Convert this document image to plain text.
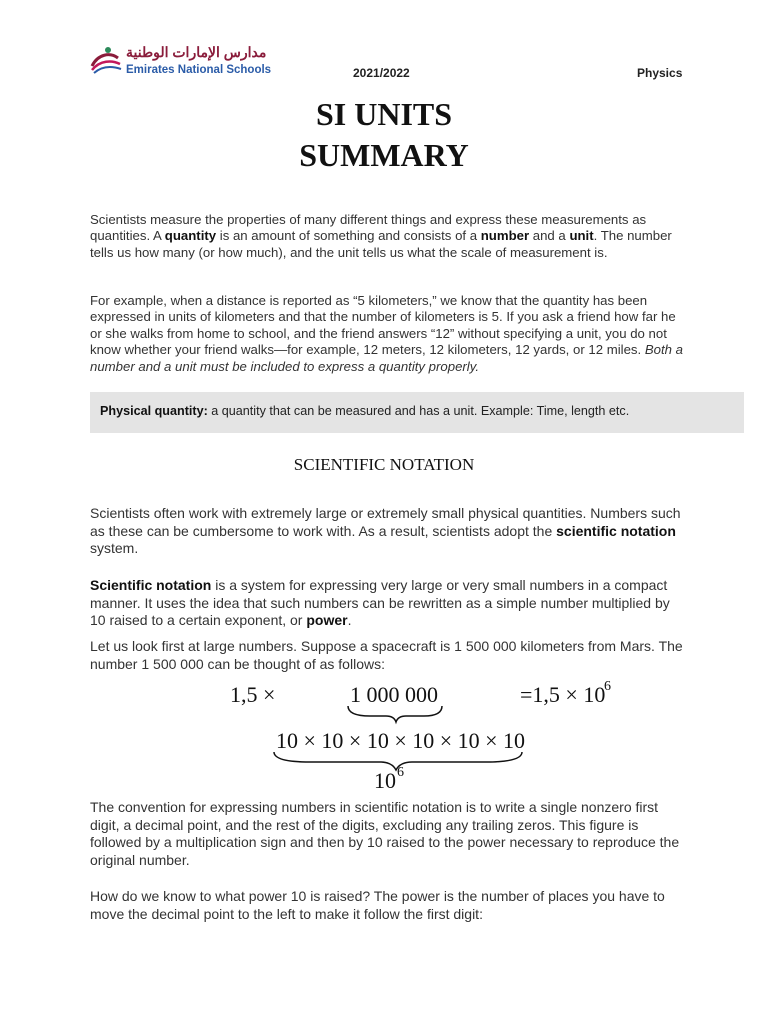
مدارس الإمارات الوطنية
Emirates National Schools	2021/2022	Physics
SI UNITS
SUMMARY

Scientists measure the properties of many different things and express these measurements as quantities. A quantity is an amount of something and consists of a number and a unit. The number tells us how many (or how much), and the unit tells us what the scale of measurement is.

For example, when a distance is reported as “5 kilometers,” we know that the quantity has been expressed in units of kilometers and that the number of kilometers is 5. If you ask a friend how far he or she walks from home to school, and the friend answers “12” without specifying a unit, you do not know whether your friend walks—for example, 12 meters, 12 kilometers, 12 yards, or 12 miles. Both a number and a unit must be included to express a quantity properly.

Physical quantity: a quantity that can be measured and has a unit. Example: Time, length etc.
SCIENTIFIC NOTATION

Scientists often work with extremely large or extremely small physical quantities. Numbers such as these can be cumbersome to work with. As a result, scientists adopt the scientific notation system.

Scientific notation is a system for expressing very large or very small numbers in a compact manner. It uses the idea that such numbers can be rewritten as a simple number multiplied by 10 raised to a certain exponent, or power.

Let us look first at large numbers. Suppose a spacecraft is 1 500 000 kilometers from Mars. The number 1 500 000 can be thought of as follows:

1,5 ×	1 000 000	=1,5 × 10
6
10 × 10 × 10 × 10 × 10 × 10
10 6

The convention for expressing numbers in scientific notation is to write a single nonzero first digit, a decimal point, and the rest of the digits, excluding any trailing zeros. This figure is followed by a multiplication sign and then by 10 raised to the power necessary to reproduce the original number.

How do we know to what power 10 is raised? The power is the number of places you have to move the decimal point to the left to make it follow the first digit:
